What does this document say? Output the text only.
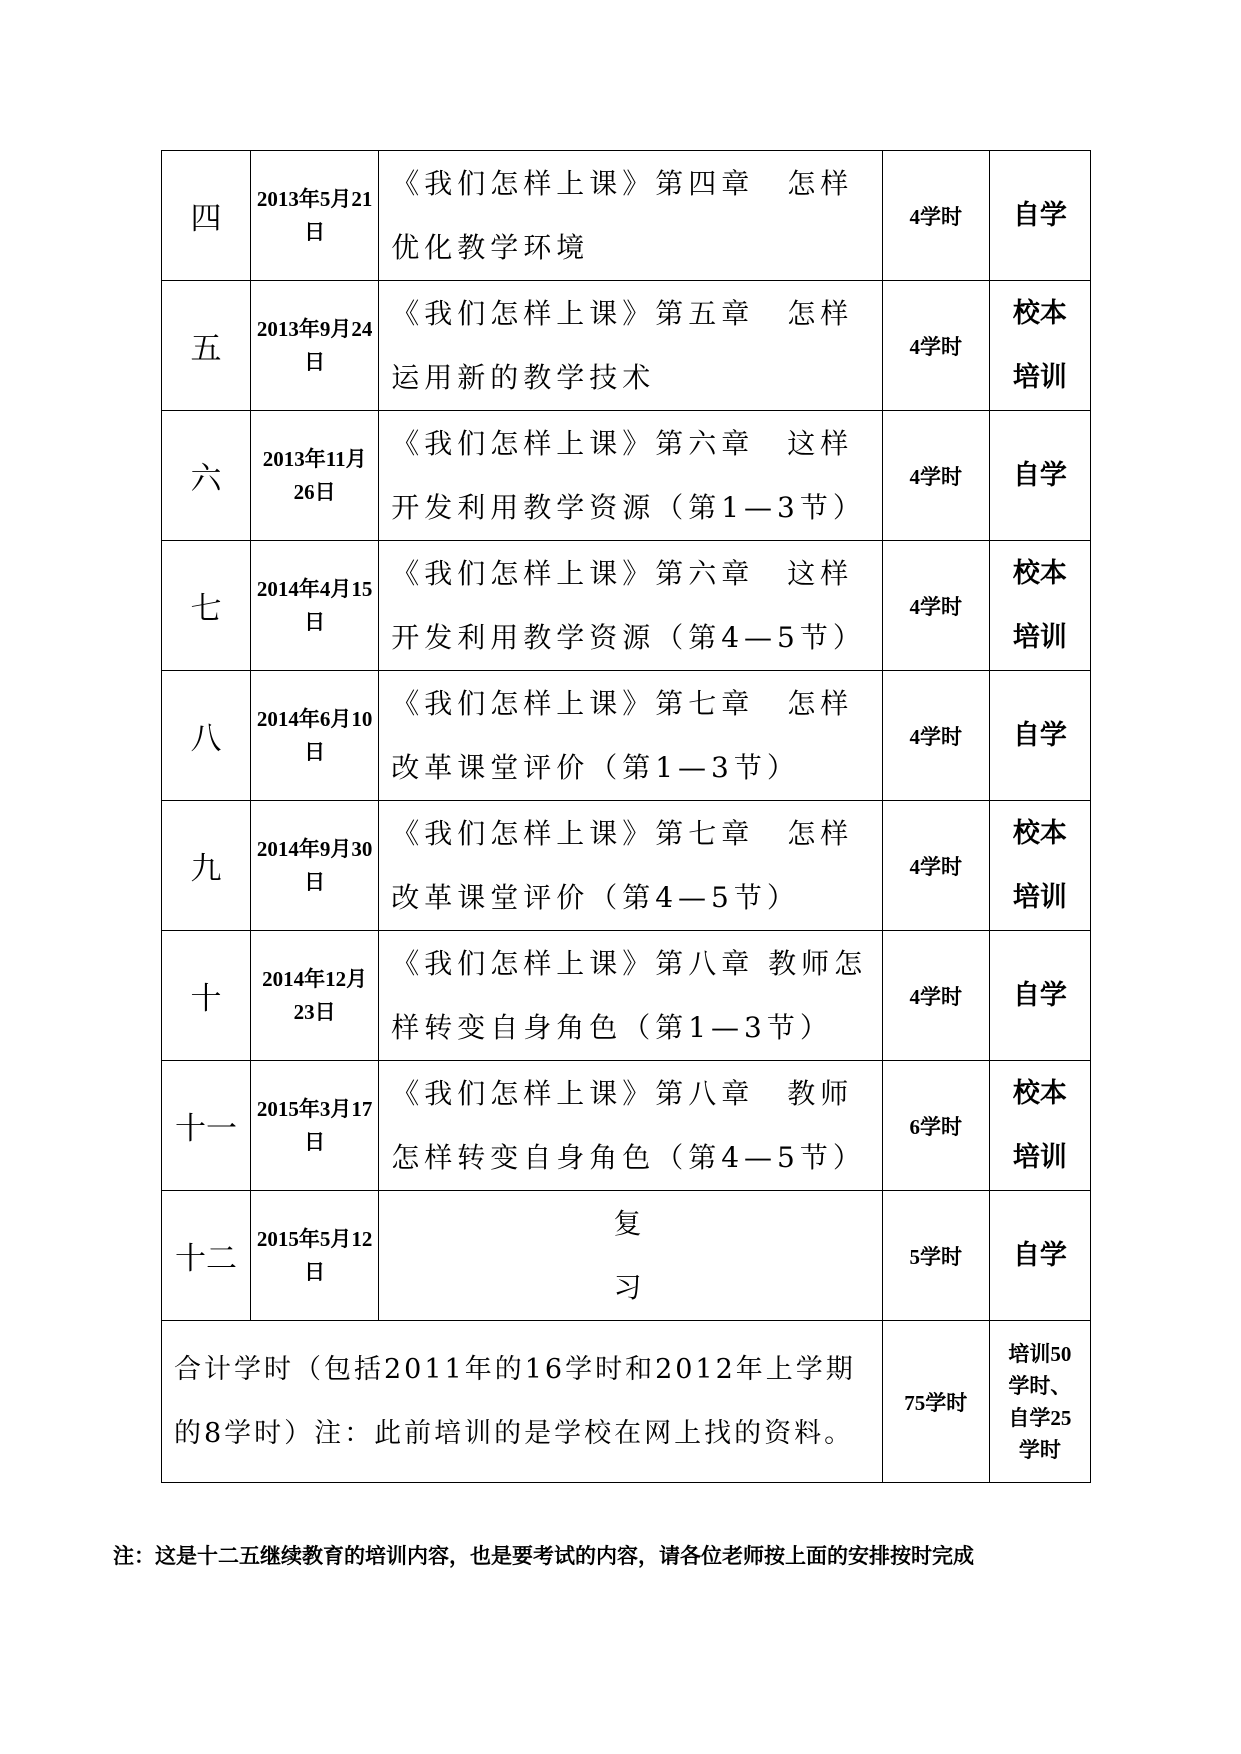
四	2013年5月21日	《我们怎样上课》第四章　怎样优化教学环境	4学时	自学
五	2013年9月24日	《我们怎样上课》第五章　怎样运用新的教学技术	4学时	校本培训
六	2013年11月26日	《我们怎样上课》第六章　这样开发利用教学资源（第1—3节）	4学时	自学
七	2014年4月15日	《我们怎样上课》第六章　这样开发利用教学资源（第4—5节）	4学时	校本培训
八	2014年6月10日	《我们怎样上课》第七章　怎样改革课堂评价（第1—3节）	4学时	自学
九	2014年9月30日	《我们怎样上课》第七章　怎样改革课堂评价（第4—5节）	4学时	校本培训
十	2014年12月23日	《我们怎样上课》第八章 教师怎样转变自身角色（第1—3节）	4学时	自学
十一	2015年3月17日	《我们怎样上课》第八章　教师怎样转变自身角色（第4—5节）	6学时	校本培训
十二	2015年5月12日	复习	5学时	自学
合计学时（包括2011年的16学时和2012年上学期的8学时）注：此前培训的是学校在网上找的资料。			75学时	培训50学时、自学25学时
注：这是十二五继续教育的培训内容，也是要考试的内容，请各位老师按上面的安排按时完成
